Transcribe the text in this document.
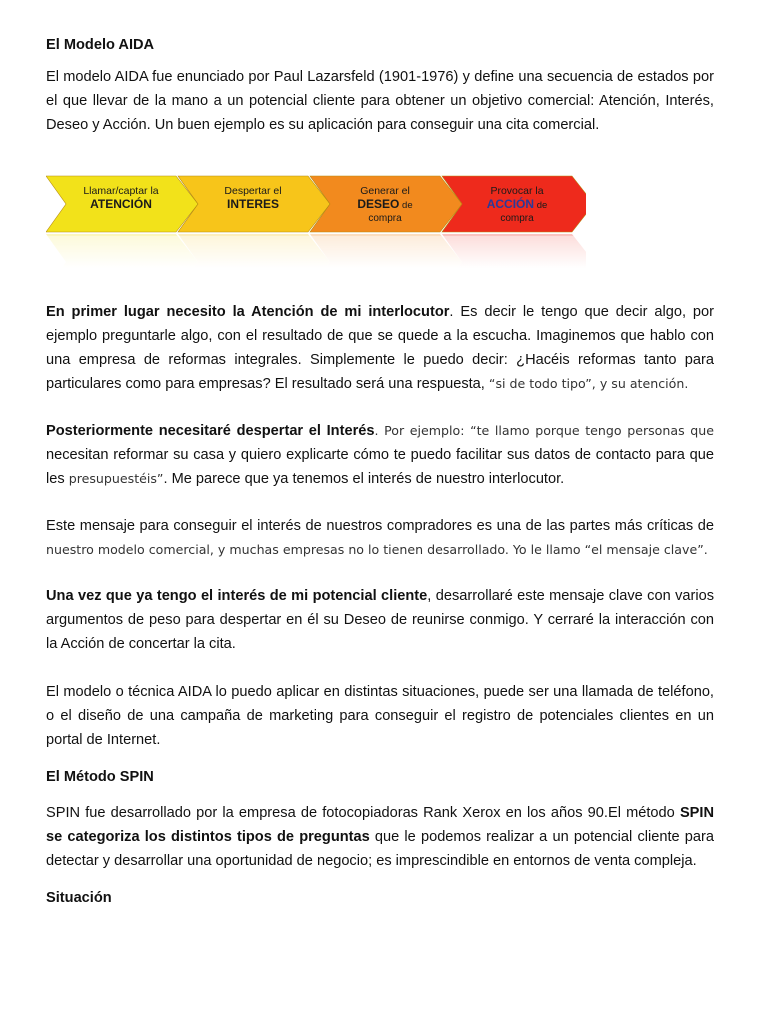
El Modelo AIDA

El modelo AIDA fue enunciado por Paul Lazarsfeld (1901-1976) y define una secuencia de estados por el que llevar de la mano a un potencial cliente para obtener un objetivo comercial: Atención, Interés, Deseo y Acción. Un buen ejemplo es su aplicación para conseguir una cita comercial.

Llamar/captar la
ATENCIÓN
Despertar el
INTERES
Generar el
DESEO de
compra
Provocar la
ACCIÓN de
compra

En primer lugar necesito la Atención de mi interlocutor. Es decir le tengo que decir algo, por ejemplo preguntarle algo, con el resultado de que se quede a la escucha. Imaginemos que hablo con una empresa de reformas integrales. Simplemente le puedo decir: ¿Hacéis reformas tanto para particulares como para empresas? El resultado será una respuesta, “si de todo tipo”, y su atención.

Posteriormente necesitaré despertar el Interés. Por ejemplo: “te llamo porque tengo personas que necesitan reformar su casa y quiero explicarte cómo te puedo facilitar sus datos de contacto para que les presupuestéis”. Me parece que ya tenemos el interés de nuestro interlocutor.

Este mensaje para conseguir el interés de nuestros compradores es una de las partes más críticas de nuestro modelo comercial, y muchas empresas no lo tienen desarrollado. Yo le llamo “el mensaje clave”.

Una vez que ya tengo el interés de mi potencial cliente, desarrollaré este mensaje clave con varios argumentos de peso para despertar en él su Deseo de reunirse conmigo. Y cerraré la interacción con la Acción de concertar la cita.

El modelo o técnica AIDA lo puedo aplicar en distintas situaciones, puede ser una llamada de teléfono, o el diseño de una campaña de marketing para conseguir el registro de potenciales clientes en un portal de Internet.

El Método SPIN

SPIN fue desarrollado por la empresa de fotocopiadoras Rank Xerox en los años 90.El método SPIN se categoriza los distintos tipos de preguntas que le podemos realizar a un potencial cliente para detectar y desarrollar una oportunidad de negocio; es imprescindible en entornos de venta compleja.

Situación
